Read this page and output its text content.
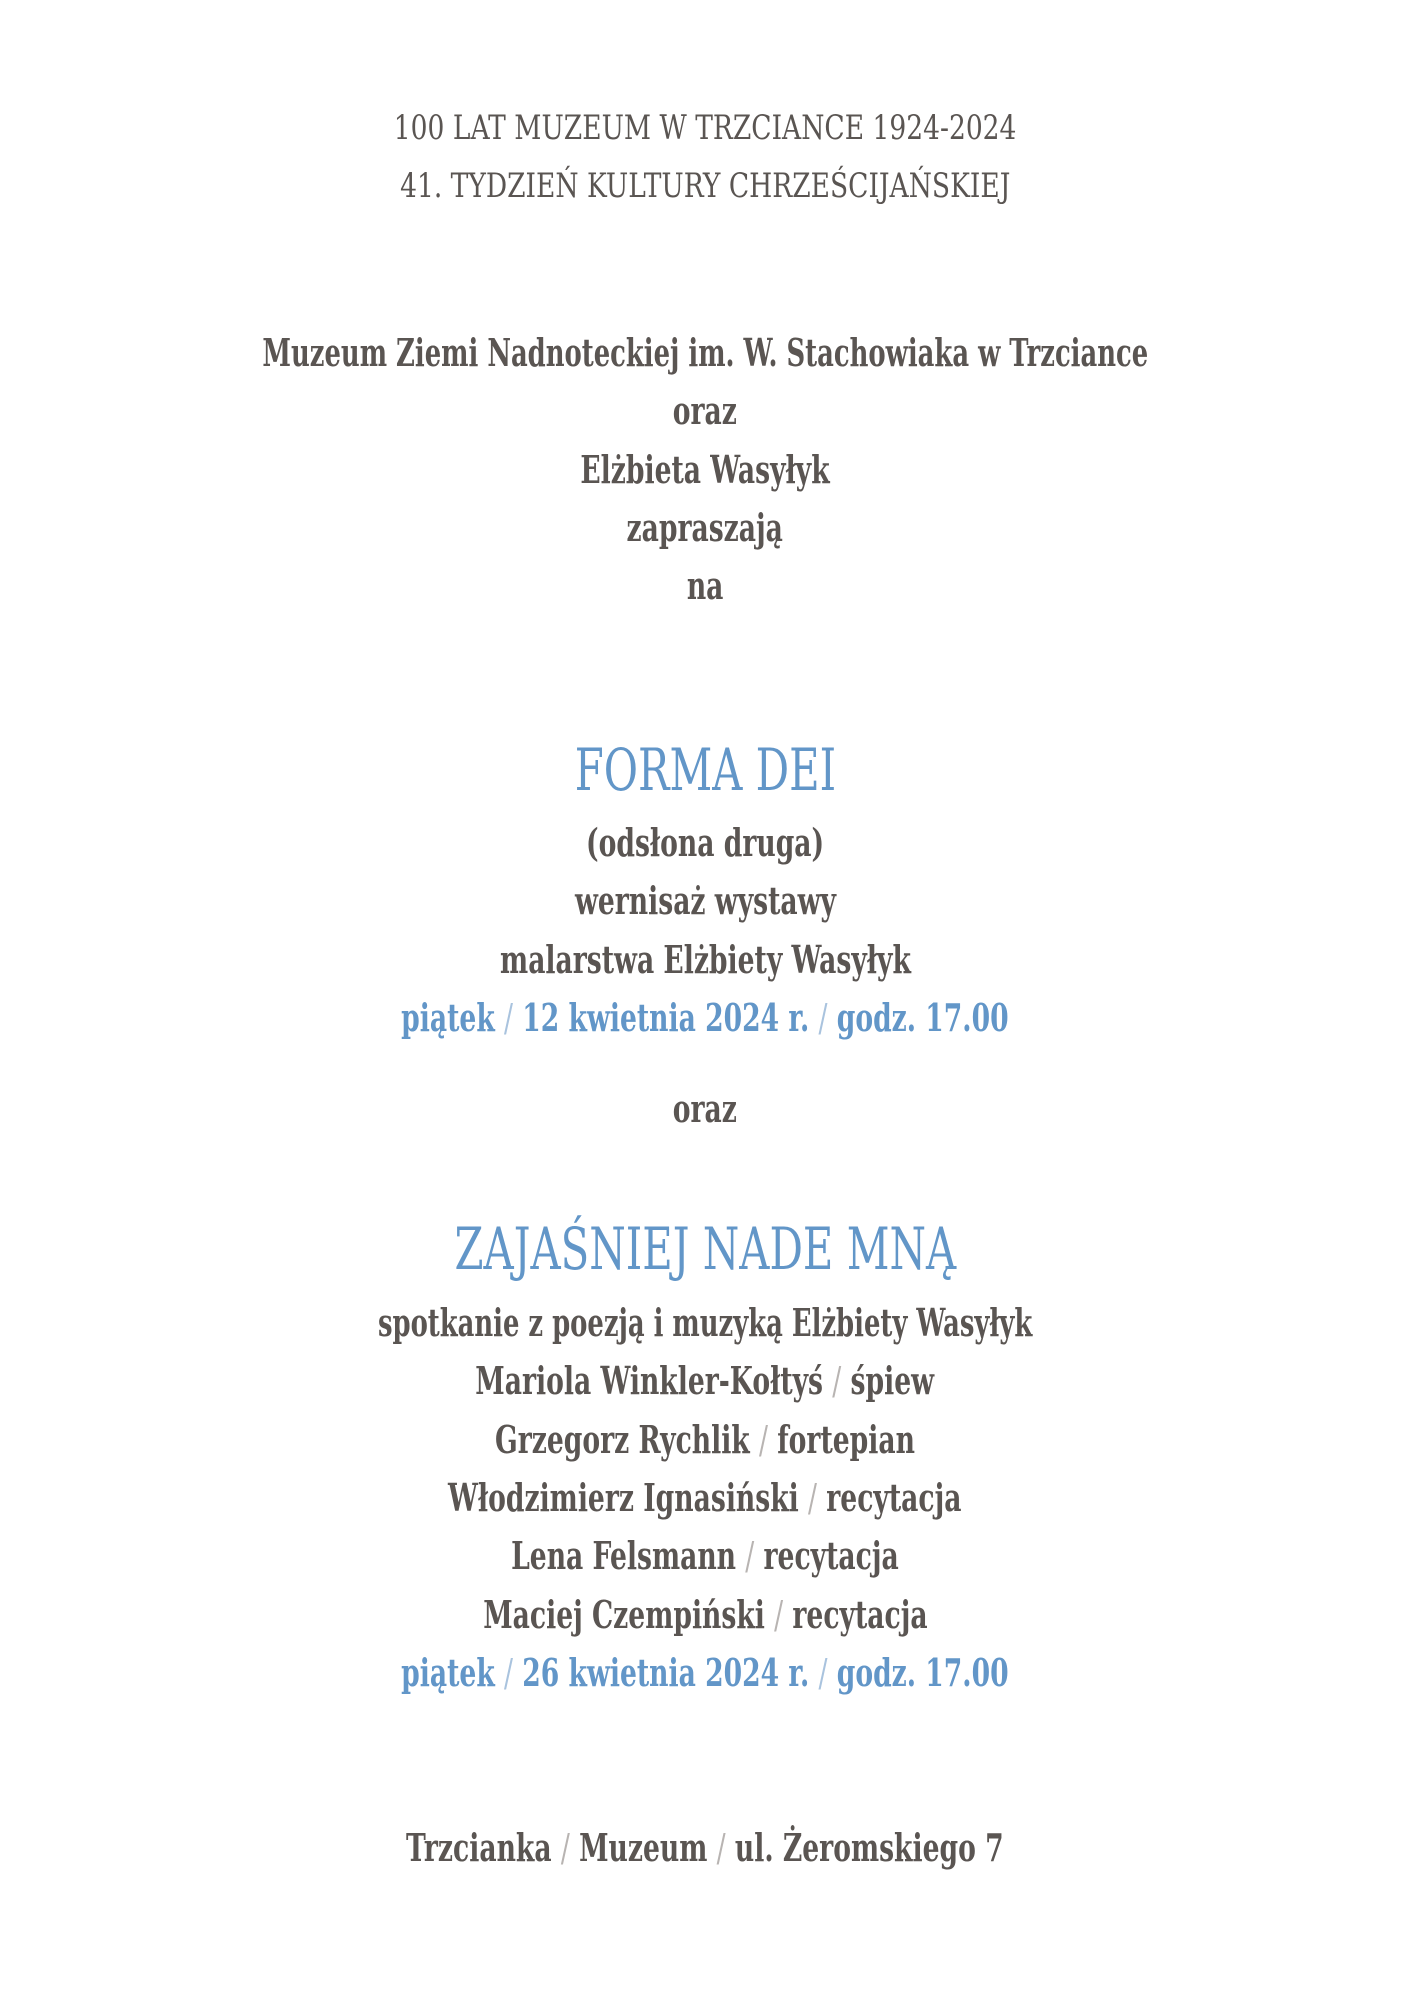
100 LAT MUZEUM W TRZCIANCE 1924-2024
41. TYDZIEŃ KULTURY CHRZEŚCIJAŃSKIEJ
Muzeum Ziemi Nadnoteckiej im. W. Stachowiaka w Trzciance
oraz
Elżbieta Wasyłyk
zapraszają
na
FORMA DEI
(odsłona druga)
wernisaż wystawy
malarstwa Elżbiety Wasyłyk
piątek / 12 kwietnia 2024 r. / godz. 17.00
oraz
ZAJAŚNIEJ NADE MNĄ
spotkanie z poezją i muzyką Elżbiety Wasyłyk
Mariola Winkler-Kołtyś / śpiew
Grzegorz Rychlik / fortepian
Włodzimierz Ignasiński / recytacja
Lena Felsmann / recytacja
Maciej Czempiński / recytacja
piątek / 26 kwietnia 2024 r. / godz. 17.00
Trzcianka / Muzeum / ul. Żeromskiego 7
